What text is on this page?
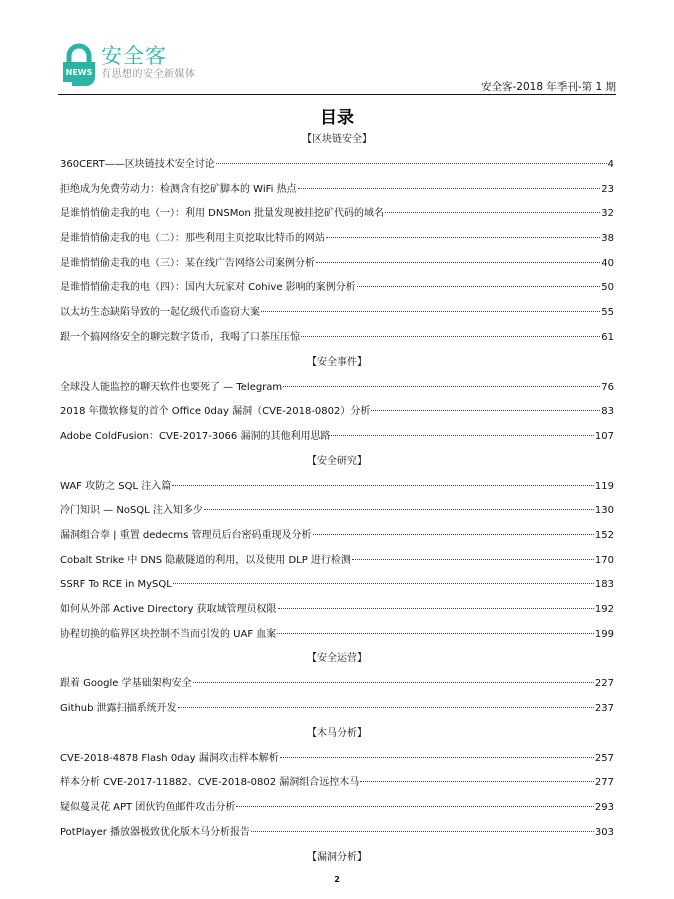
NEWS
安全客
有思想的安全新媒体
安全客-2018 年季刊-第 1 期
目录
【区块链安全】
360CERT——区块链技术安全讨论	4
拒绝成为免费劳动力：检测含有挖矿脚本的 WiFi 热点	23
是谁悄悄偷走我的电（一）：利用 DNSMon 批量发现被挂挖矿代码的域名	32
是谁悄悄偷走我的电（二）：那些利用主页挖取比特币的网站	38
是谁悄悄偷走我的电（三）：某在线广告网络公司案例分析	40
是谁悄悄偷走我的电（四）：国内大玩家对 Cohive 影响的案例分析	50
以太坊生态缺陷导致的一起亿级代币盗窃大案	55
跟一个搞网络安全的聊完数字货币，我喝了口茶压压惊	61
【安全事件】
全球没人能监控的聊天软件也要死了 — Telegram	76
2018 年微软修复的首个 Office 0day 漏洞（CVE-2018-0802）分析	83
Adobe ColdFusion：CVE-2017-3066 漏洞的其他利用思路	107
【安全研究】
WAF 攻防之 SQL 注入篇	119
冷门知识 — NoSQL 注入知多少	130
漏洞组合拳 | 重置 dedecms 管理员后台密码重现及分析	152
Cobalt Strike 中 DNS 隐蔽隧道的利用，以及使用 DLP 进行检测	170
SSRF To RCE in MySQL	183
如何从外部 Active Directory 获取域管理员权限	192
协程切换的临界区块控制不当而引发的 UAF 血案	199
【安全运营】
跟着 Google 学基础架构安全	227
Github 泄露扫描系统开发	237
【木马分析】
CVE-2018-4878 Flash 0day 漏洞攻击样本解析	257
样本分析 CVE-2017-11882、CVE-2018-0802 漏洞组合远控木马	277
疑似蔓灵花 APT 团伙钓鱼邮件攻击分析	293
PotPlayer 播放器极致优化版木马分析报告	303
【漏洞分析】
2
